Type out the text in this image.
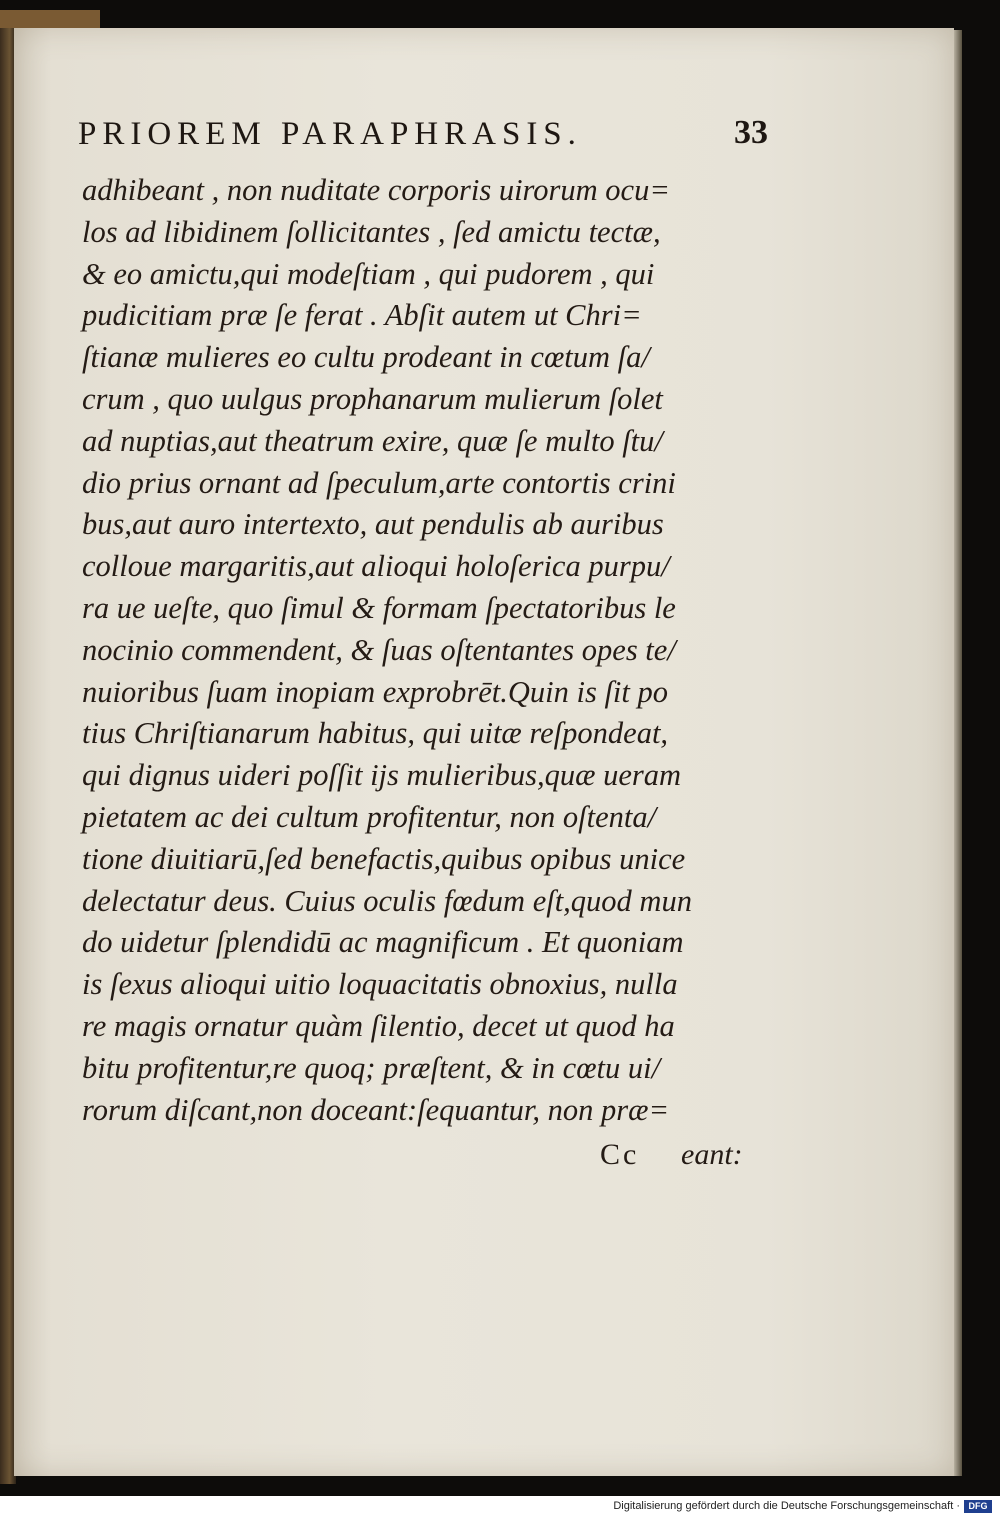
PRIOREM PARAPHRASIS.	33
adhibeant , non nuditate corporis uirorum ocu=
los ad libidinem ſollicitantes , ſed amictu tectæ,
& eo amictu,qui modeſtiam , qui pudorem , qui
pudicitiam præ ſe ferat . Abſit autem ut Chri=
ſtianæ mulieres eo cultu prodeant in cœtum ſa/
crum , quo uulgus prophanarum mulierum ſolet
ad nuptias,aut theatrum exire, quæ ſe multo ſtu/
dio prius ornant ad ſpeculum,arte contortis crini
bus,aut auro intertexto, aut pendulis ab auribus
colloue margaritis,aut alioqui holoſerica purpu/
ra ue ueſte, quo ſimul & formam ſpectatoribus le
nocinio commendent, & ſuas oſtentantes opes te/
nuioribus ſuam inopiam exprobrēt.Quin is ſit po
tius Chriſtianarum habitus, qui uitæ reſpondeat,
qui dignus uideri poſſit ijs mulieribus,quæ ueram
pietatem ac dei cultum profitentur, non oſtenta/
tione diuitiarū,ſed benefactis,quibus opibus unice
delectatur deus. Cuius oculis fœdum eſt,quod mun
do uidetur ſplendidū ac magnificum . Et quoniam
is ſexus alioqui uitio loquacitatis obnoxius, nulla
re magis ornatur quàm ſilentio, decet ut quod ha
bitu profitentur,re quoq; præſtent, & in cœtu ui/
rorum diſcant,non doceant:ſequantur, non præ=
Cc eant:
Digitalisierung gefördert durch die Deutsche Forschungsgemeinschaft · DFG
